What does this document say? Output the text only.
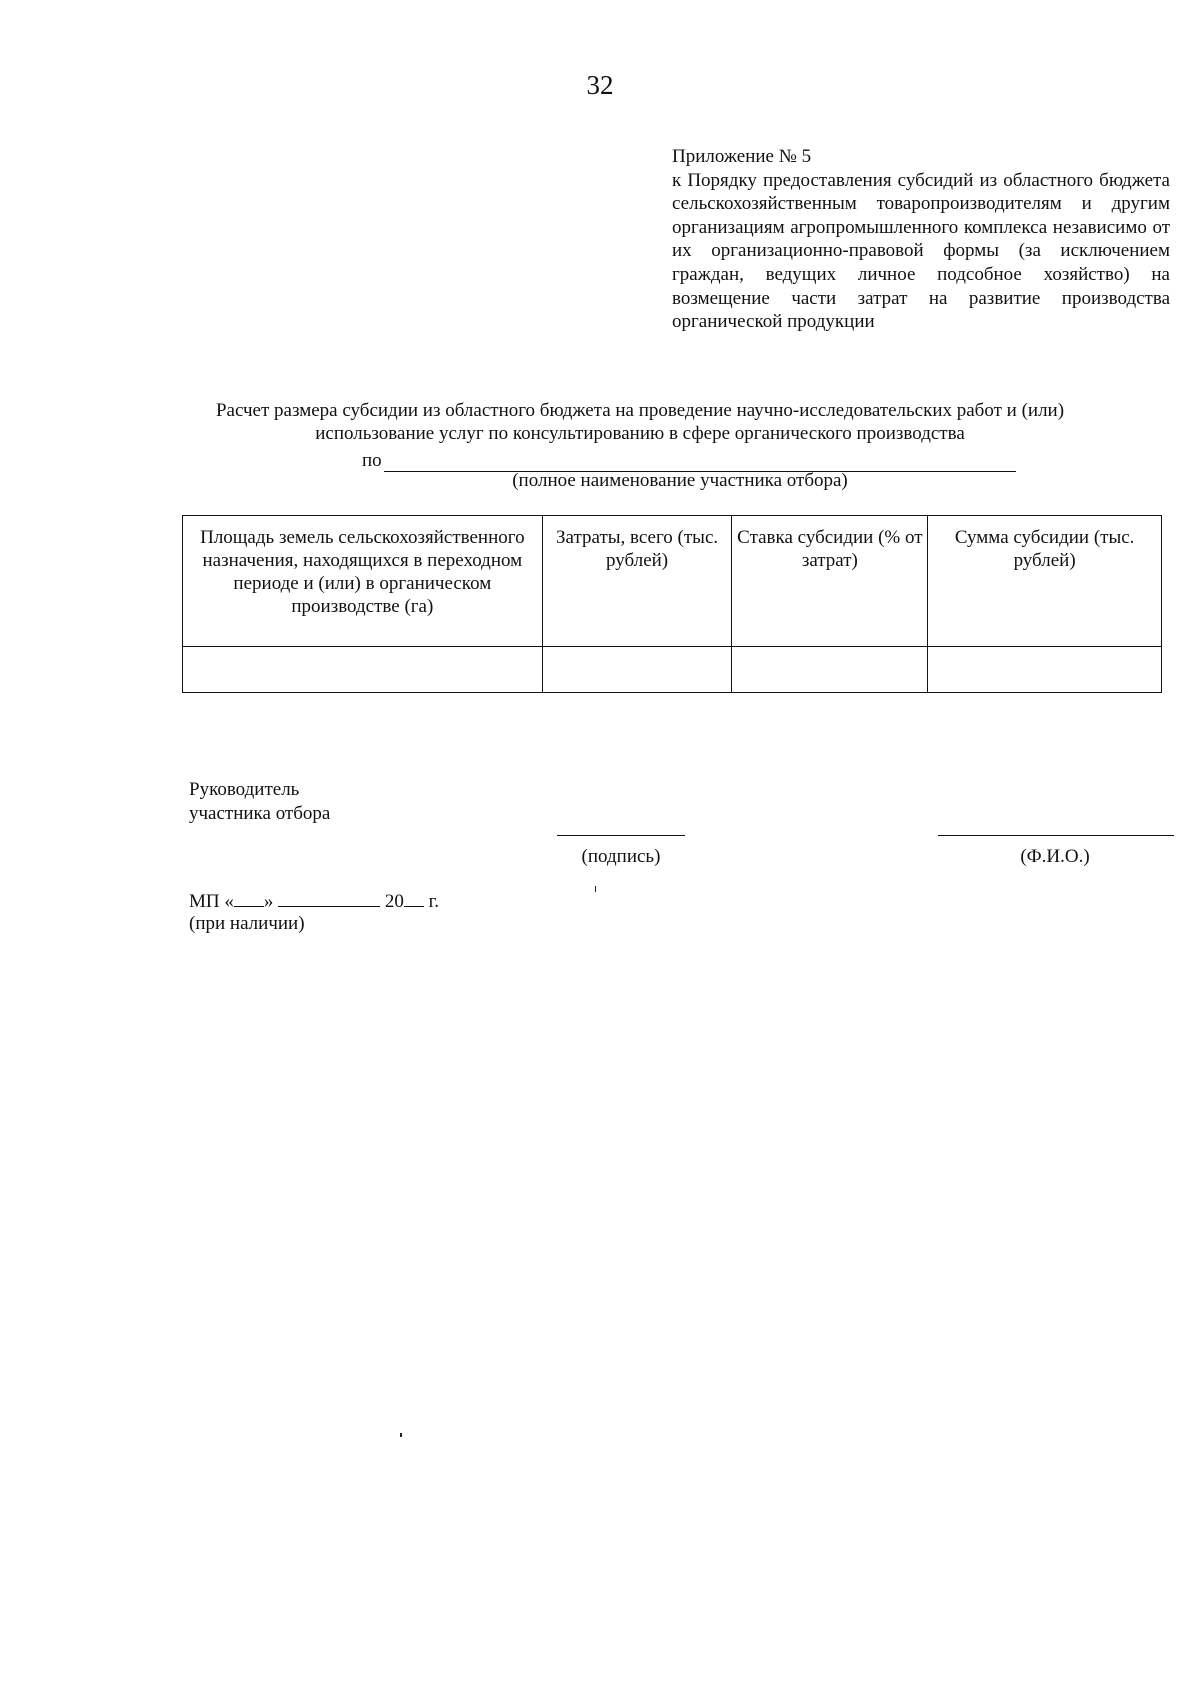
32
Приложение № 5
к Порядку предоставления субсидий из областного бюджета сельскохозяйственным товаропроизводителям и другим организациям агропромышленного комплекса независимо от их организационно-правовой формы (за исключением граждан, ведущих личное подсобное хозяйство) на возмещение части затрат на развитие производства органической продукции
Расчет размера субсидии из областного бюджета на проведение научно-исследовательских работ и (или)
использование услуг по консультированию в сфере органического производства
по
(полное наименование участника отбора)
Площадь земель сельскохозяйственного назначения, находящихся в переходном периоде и (или) в органическом производстве (га)	Затраты, всего (тыс. рублей)	Ставка субсидии (% от затрат)	Сумма субсидии (тыс. рублей)

Руководитель
участника отбора
(подпись)	(Ф.И.О.)
МП « »	20 г.
(при наличии)
